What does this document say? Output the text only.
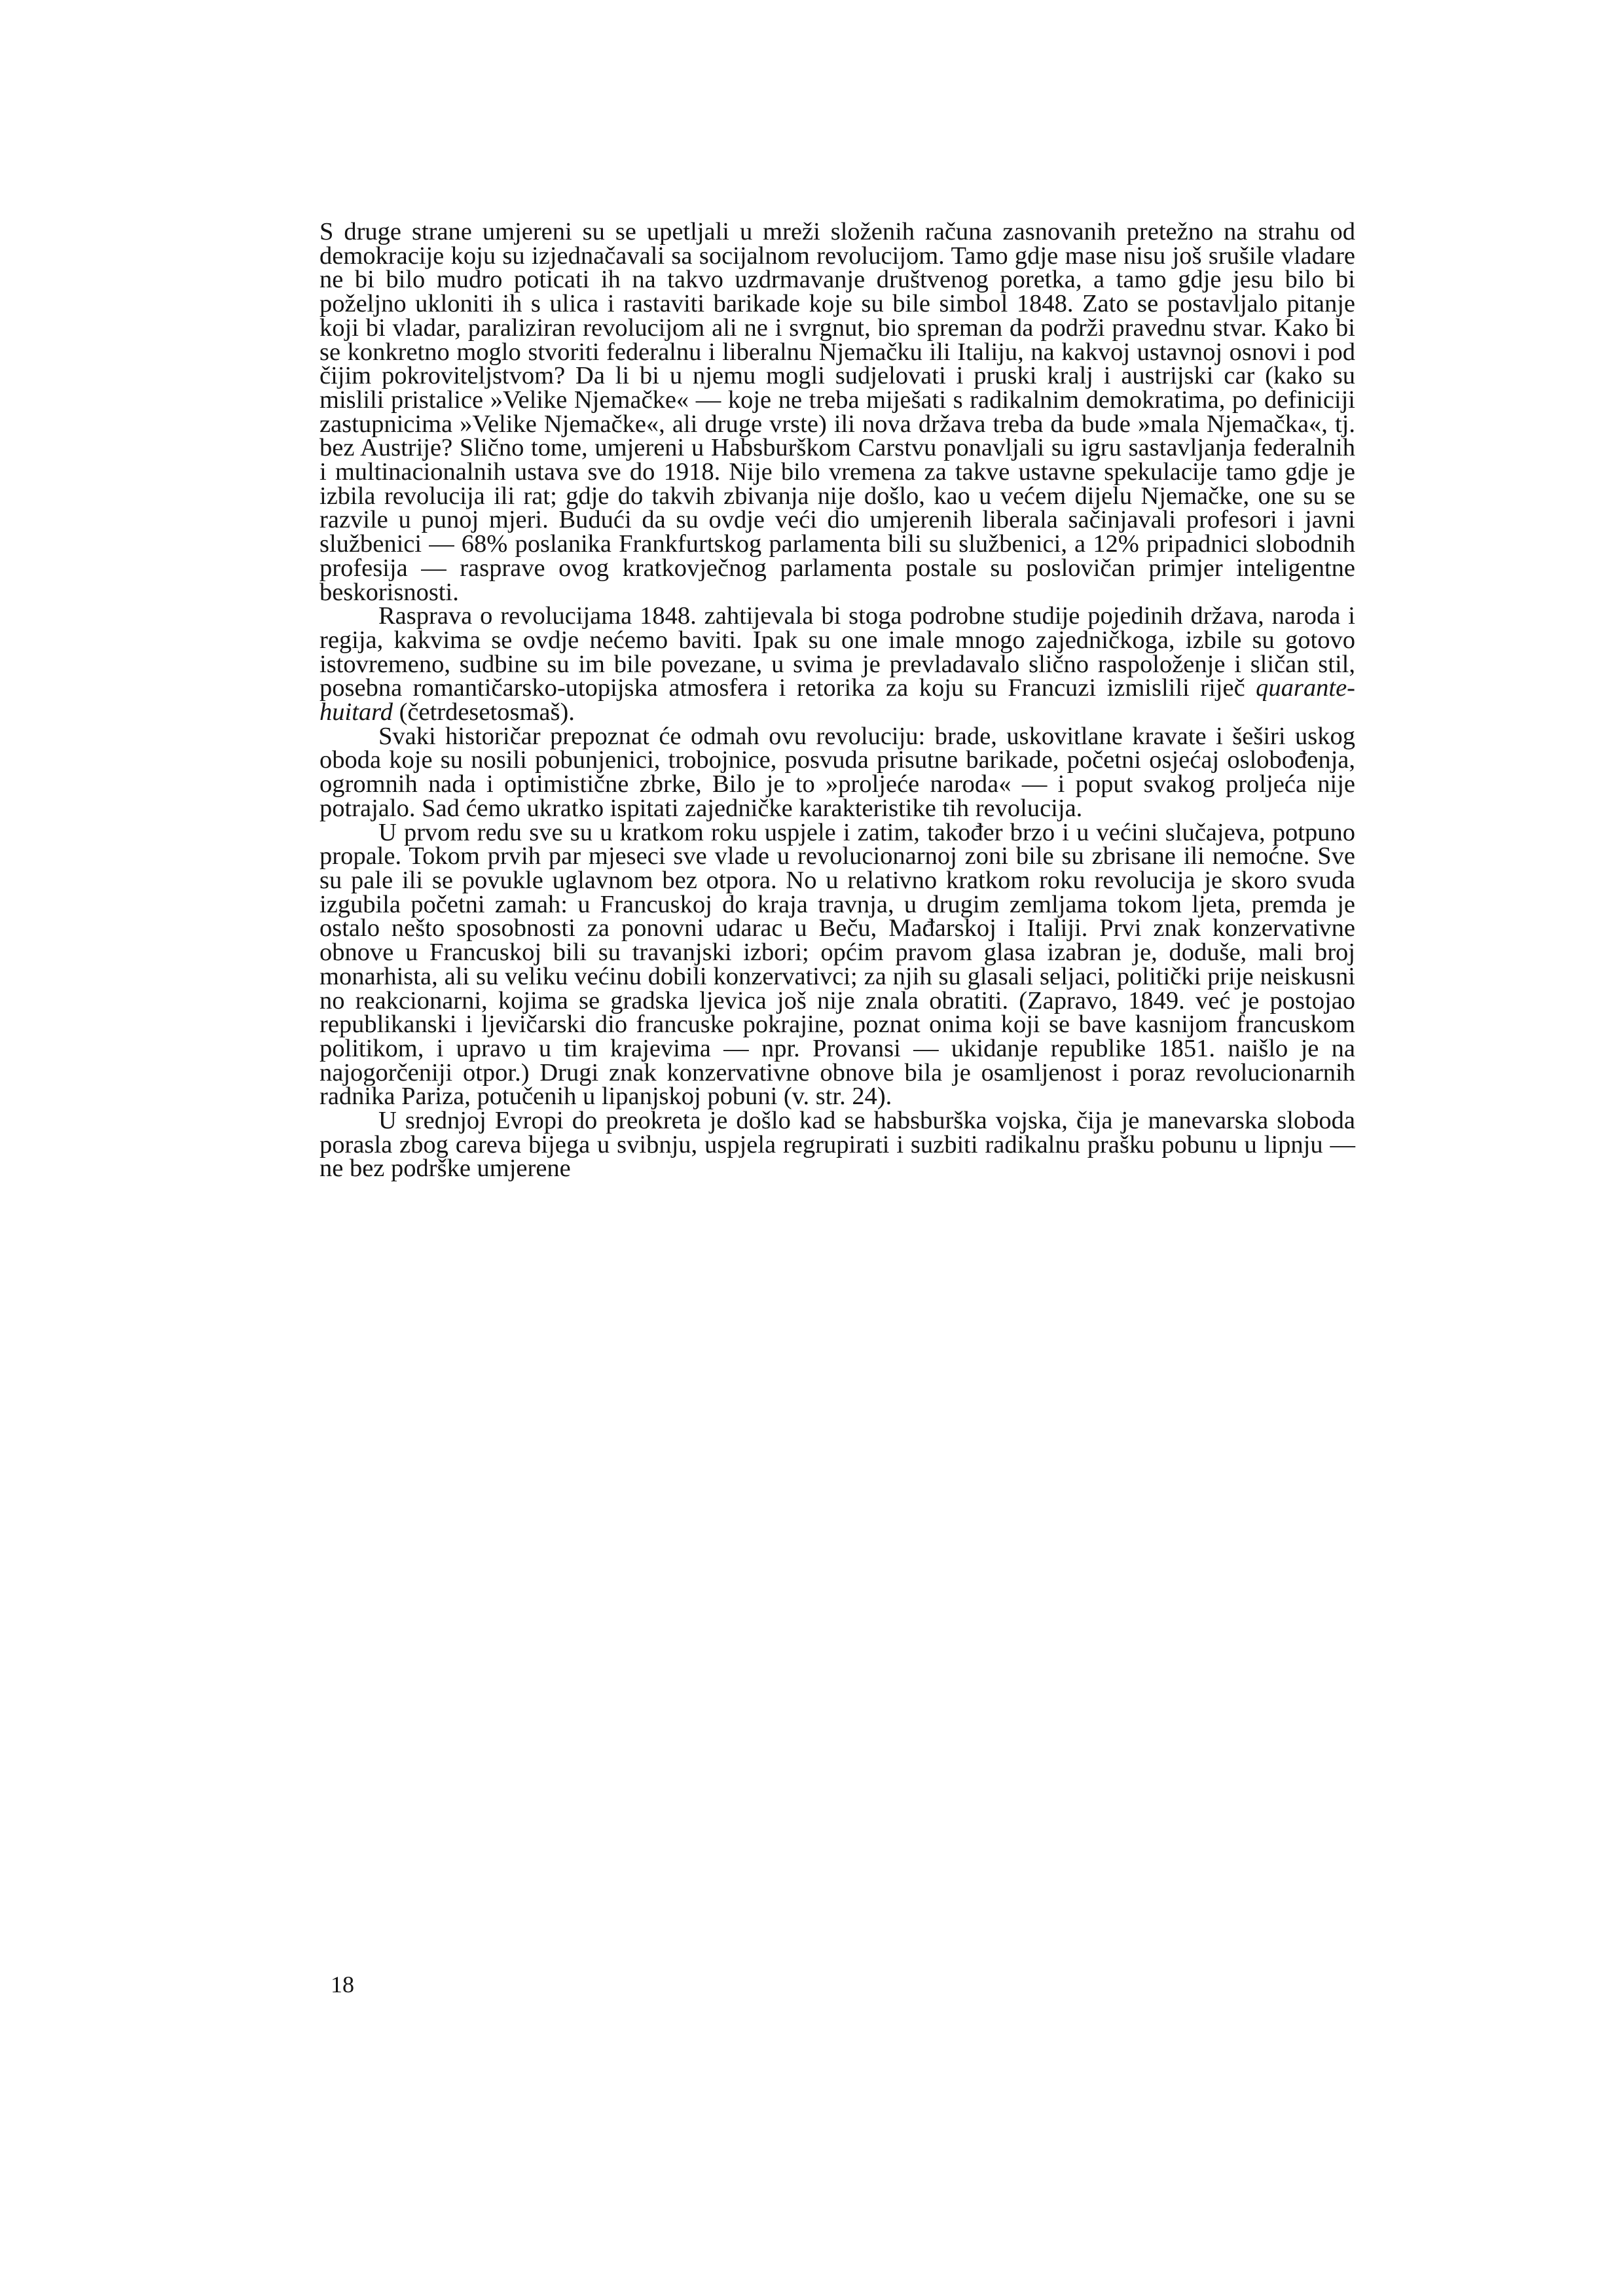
S druge strane umjereni su se upetljali u mreži složenih računa zasnovanih pretežno na strahu od demokracije koju su izjednačavali sa socijalnom revolucijom. Tamo gdje mase nisu još srušile vladare ne bi bilo mudro poticati ih na takvo uzdrmavanje društvenog poretka, a tamo gdje jesu bilo bi poželjno ukloniti ih s ulica i rastaviti barikade koje su bile simbol 1848. Zato se postavljalo pitanje koji bi vladar, paraliziran revolucijom ali ne i svrgnut, bio spreman da podrži pravednu stvar. Kako bi se konkretno moglo stvoriti federalnu i liberalnu Njemačku ili Italiju, na kakvoj ustavnoj osnovi i pod čijim pokroviteljstvom? Da li bi u njemu mogli sudjelovati i pruski kralj i austrijski car (kako su mislili pristalice »Velike Njemačke« — koje ne treba miješati s radikalnim demokratima, po definiciji zastupnicima »Velike Njemačke«, ali druge vrste) ili nova država treba da bude »mala Njemačka«, tj. bez Austrije? Slično tome, umjereni u Habsburškom Carstvu ponavljali su igru sastavljanja federalnih i multinacionalnih ustava sve do 1918. Nije bilo vremena za takve ustavne spekulacije tamo gdje je izbila revolucija ili rat; gdje do takvih zbivanja nije došlo, kao u većem dijelu Njemačke, one su se razvile u punoj mjeri. Budući da su ovdje veći dio umjerenih liberala sačinjavali profesori i javni službenici — 68% poslanika Frankfurtskog parlamenta bili su službenici, a 12% pripadnici slobodnih profesija — rasprave ovog kratkovječnog parlamenta postale su poslovičan primjer inteligentne beskorisnosti.

Rasprava o revolucijama 1848. zahtijevala bi stoga podrobne studije pojedinih država, naroda i regija, kakvima se ovdje nećemo baviti. Ipak su one imale mnogo zajedničkoga, izbile su gotovo istovremeno, sudbine su im bile povezane, u svima je prevladavalo slično raspoloženje i sličan stil, posebna romantičarsko-utopijska atmosfera i retorika za koju su Francuzi izmislili riječ quarante-huitard (četrdesetosmaš).

Svaki historičar prepoznat će odmah ovu revoluciju: brade, uskovitlane kravate i šeširi uskog oboda koje su nosili pobunjenici, trobojnice, posvuda prisutne barikade, početni osjećaj oslobođenja, ogromnih nada i optimistične zbrke, Bilo je to »proljeće naroda« — i poput svakog proljeća nije potrajalo. Sad ćemo ukratko ispitati zajedničke karakteristike tih revolucija.

U prvom redu sve su u kratkom roku uspjele i zatim, također brzo i u većini slučajeva, potpuno propale. Tokom prvih par mjeseci sve vlade u revolucionarnoj zoni bile su zbrisane ili nemoćne. Sve su pale ili se povukle uglavnom bez otpora. No u relativno kratkom roku revolucija je skoro svuda izgubila početni zamah: u Francuskoj do kraja travnja, u drugim zemljama tokom ljeta, premda je ostalo nešto sposobnosti za ponovni udarac u Beču, Mađarskoj i Italiji. Prvi znak konzervativne obnove u Francuskoj bili su travanjski izbori; općim pravom glasa izabran je, doduše, mali broj monarhista, ali su veliku većinu dobili konzervativci; za njih su glasali seljaci, politički prije neiskusni no reakcionarni, kojima se gradska ljevica još nije znala obratiti. (Zapravo, 1849. već je postojao republikanski i ljevičarski dio francuske pokrajine, poznat onima koji se bave kasnijom francuskom politikom, i upravo u tim krajevima — npr. Provansi — ukidanje republike 1851. naišlo je na najogorčeniji otpor.) Drugi znak konzervativne obnove bila je osamljenost i poraz revolucionarnih radnika Pariza, potučenih u lipanjskoj pobuni (v. str. 24).

U srednjoj Evropi do preokreta je došlo kad se habsburška vojska, čija je manevarska sloboda porasla zbog careva bijega u svibnju, uspjela regrupirati i suzbiti radikalnu prašku pobunu u lipnju — ne bez podrške umjerene

18
